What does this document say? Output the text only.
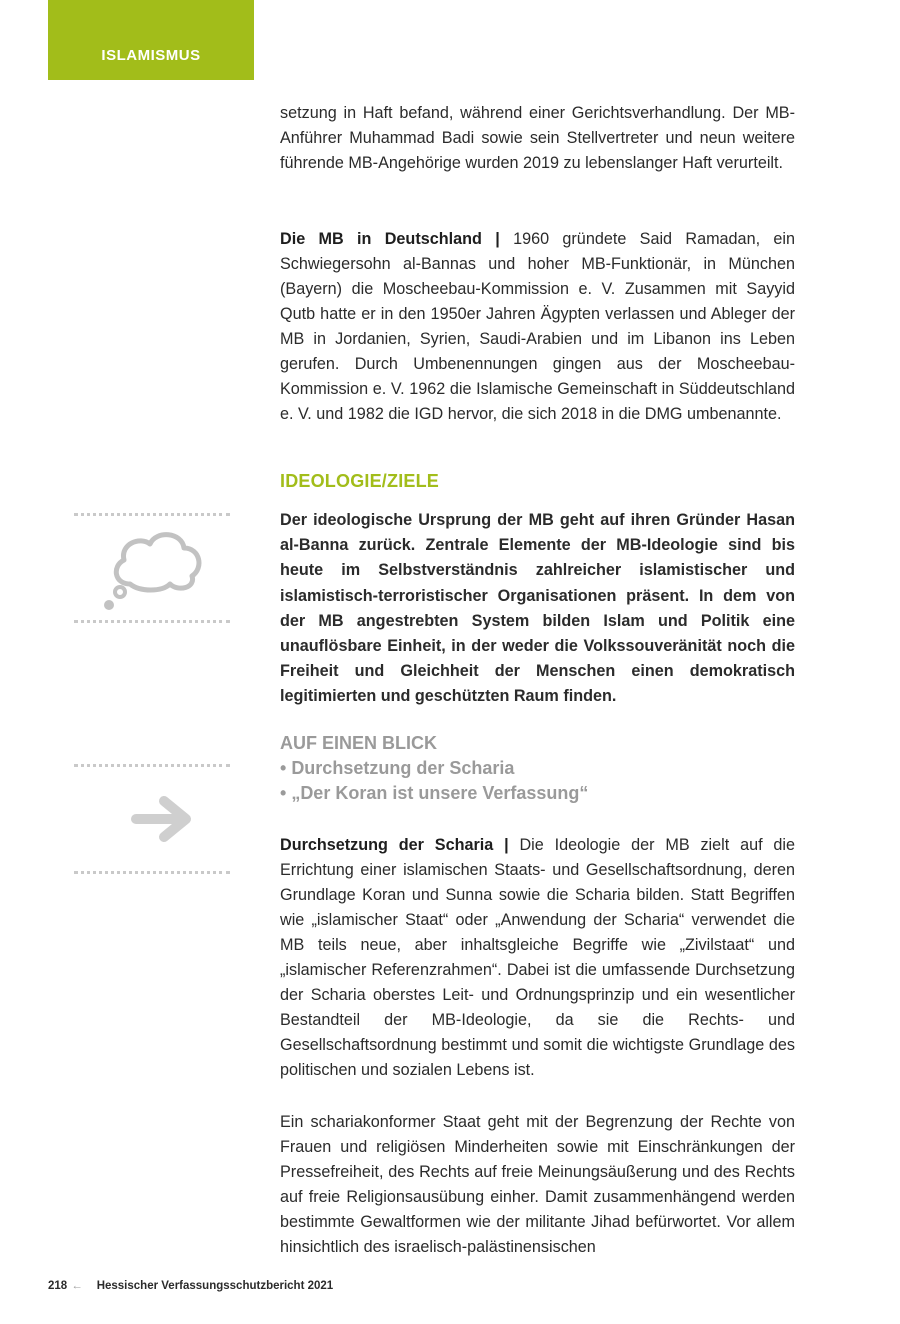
ISLAMISMUS

setzung in Haft befand, während einer Gerichtsverhandlung. Der MB-Anführer Muhammad Badi sowie sein Stellvertreter und neun weitere führende MB-Angehörige wurden 2019 zu lebenslanger Haft verurteilt.

Die MB in Deutschland | 1960 gründete Said Ramadan, ein Schwiegersohn al-Bannas und hoher MB-Funktionär, in München (Bayern) die Moscheebau-Kommission e. V. Zusammen mit Sayyid Qutb hatte er in den 1950er Jahren Ägypten verlassen und Ableger der MB in Jordanien, Syrien, Saudi-Arabien und im Libanon ins Leben gerufen. Durch Umbenennungen gingen aus der Moscheebau-Kommission e. V. 1962 die Islamische Gemeinschaft in Süddeutschland e. V. und 1982 die IGD hervor, die sich 2018 in die DMG umbenannte.

IDEOLOGIE/ZIELE

Der ideologische Ursprung der MB geht auf ihren Gründer Hasan al-Banna zurück. Zentrale Elemente der MB-Ideologie sind bis heute im Selbstverständnis zahlreicher islamistischer und islamistisch-terroristischer Organisationen präsent. In dem von der MB angestrebten System bilden Islam und Politik eine unauflösbare Einheit, in der weder die Volkssouveränität noch die Freiheit und Gleichheit der Menschen einen demokratisch legitimierten und geschützten Raum finden.

AUF EINEN BLICK
• Durchsetzung der Scharia
• „Der Koran ist unsere Verfassung“

Durchsetzung der Scharia | Die Ideologie der MB zielt auf die Errichtung einer islamischen Staats- und Gesellschaftsordnung, deren Grundlage Koran und Sunna sowie die Scharia bilden. Statt Begriffen wie „islamischer Staat“ oder „Anwendung der Scharia“ verwendet die MB teils neue, aber inhaltsgleiche Begriffe wie „Zivilstaat“ und „islamischer Referenzrahmen“. Dabei ist die umfassende Durchsetzung der Scharia oberstes Leit- und Ordnungsprinzip und ein wesentlicher Bestandteil der MB-Ideologie, da sie die Rechts- und Gesellschaftsordnung bestimmt und somit die wichtigste Grundlage des politischen und sozialen Lebens ist.

Ein schariakonformer Staat geht mit der Begrenzung der Rechte von Frauen und religiösen Minderheiten sowie mit Einschränkungen der Pressefreiheit, des Rechts auf freie Meinungsäußerung und des Rechts auf freie Religionsausübung einher. Damit zusammenhängend werden bestimmte Gewaltformen wie der militante Jihad befürwortet. Vor allem hinsichtlich des israelisch-palästinensischen

218 ← Hessischer Verfassungsschutzbericht 2021
